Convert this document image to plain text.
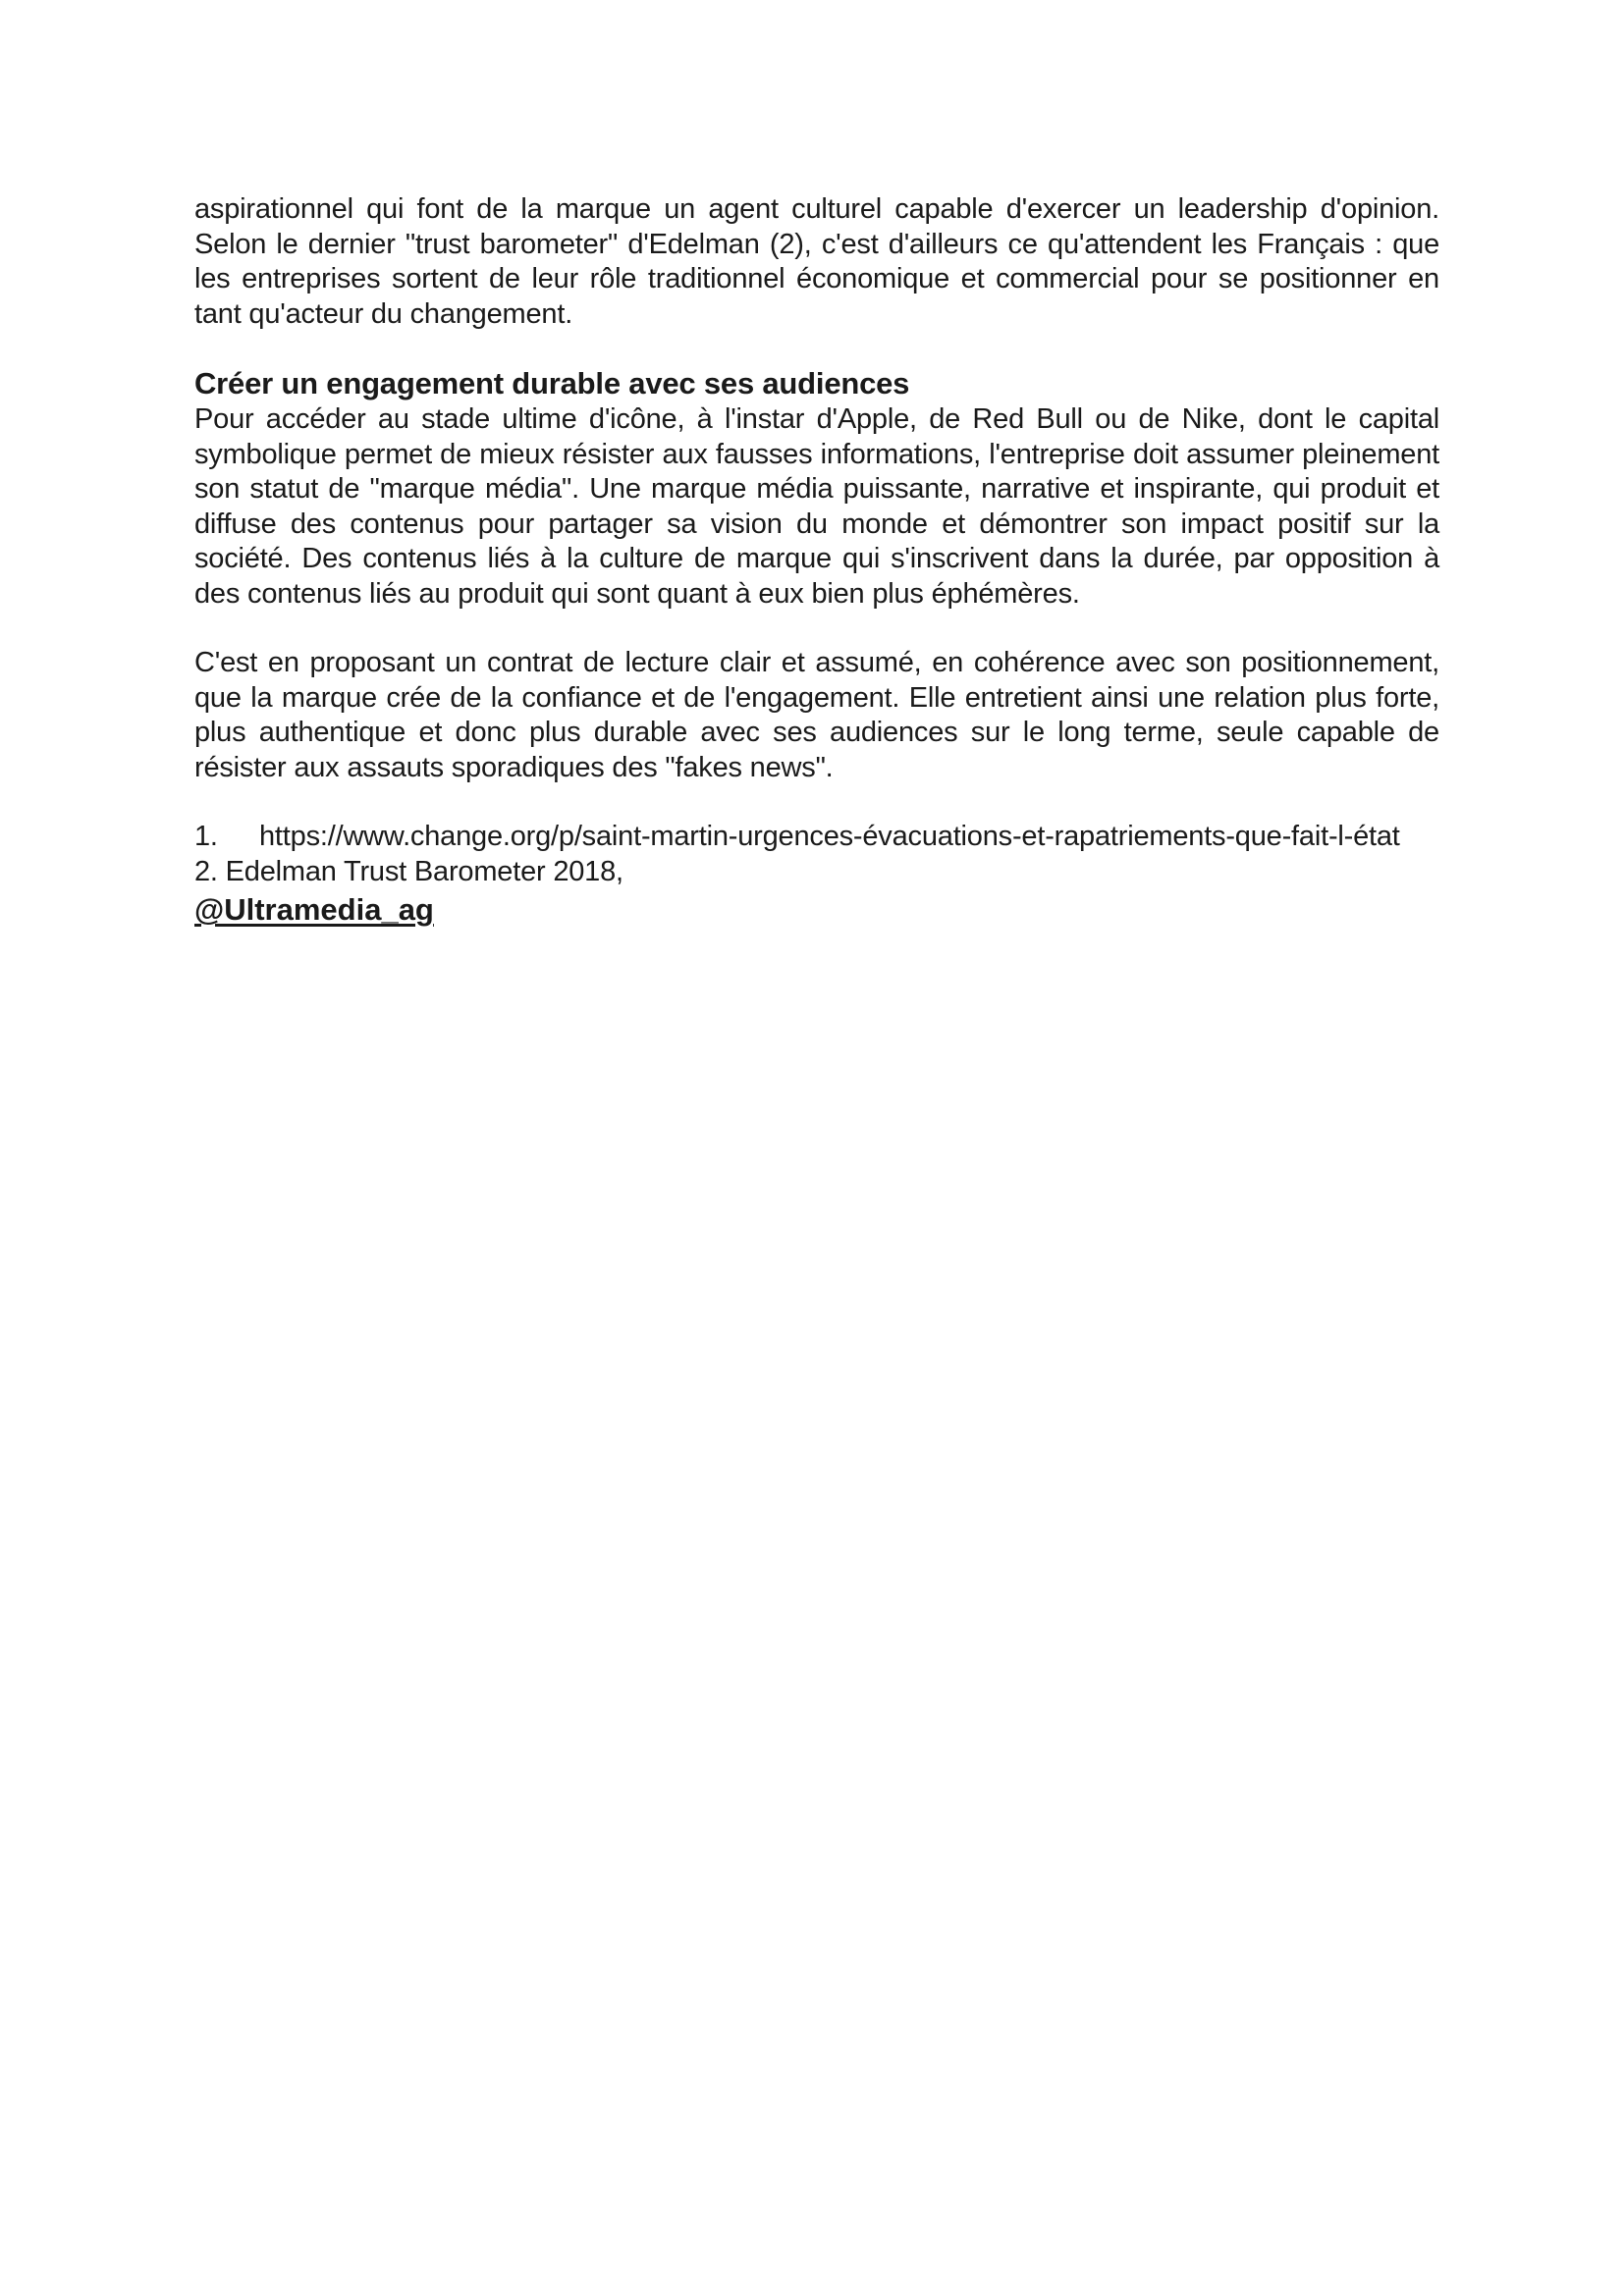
aspirationnel qui font de la marque un agent culturel capable d'exercer un leadership d'opinion. Selon le dernier "trust barometer" d'Edelman (2), c'est d'ailleurs ce qu'attendent les Français : que les entreprises sortent de leur rôle traditionnel économique et commercial pour se positionner en tant qu'acteur du changement.

Créer un engagement durable avec ses audiences

Pour accéder au stade ultime d'icône, à l'instar d'Apple, de Red Bull ou de Nike, dont le capital symbolique permet de mieux résister aux fausses informations, l'entreprise doit assumer pleinement son statut de "marque média". Une marque média puissante, narrative et inspirante, qui produit et diffuse des contenus pour partager sa vision du monde et démontrer son impact positif sur la société. Des contenus liés à la culture de marque qui s'inscrivent dans la durée, par opposition à des contenus liés au produit qui sont quant à eux bien plus éphémères.

C'est en proposant un contrat de lecture clair et assumé, en cohérence avec son positionnement, que la marque crée de la confiance et de l'engagement. Elle entretient ainsi une relation plus forte, plus authentique et donc plus durable avec ses audiences sur le long terme, seule capable de résister aux assauts sporadiques des "fakes news".

1.	https://www.change.org/p/saint-martin-urgences-évacuations-et-rapatriements-que-fait-l-état
2. Edelman Trust Barometer 2018,
@Ultramedia_ag
